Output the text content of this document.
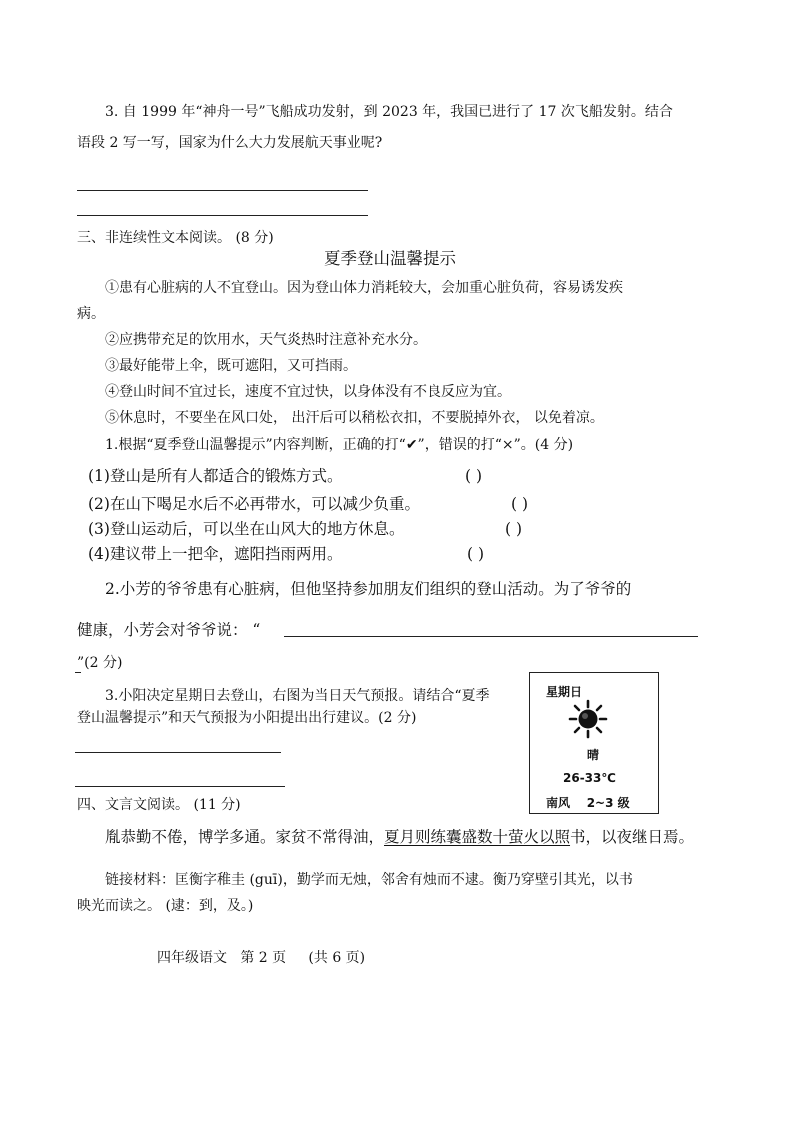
3. 自 1999 年“神舟一号”飞船成功发射，到 2023 年，我国已进行了 17 次飞船发射。结合
语段 2 写一写，国家为什么大力发展航天事业呢?
三、非连续性文本阅读。 (8 分)
夏季登山温馨提示
①患有心脏病的人不宜登山。因为登山体力消耗较大，会加重心脏负荷，容易诱发疾
病。
②应携带充足的饮用水，天气炎热时注意补充水分。
③最好能带上伞，既可遮阳，又可挡雨。
④登山时间不宜过长，速度不宜过快，以身体没有不良反应为宜。
⑤休息时，不要坐在风口处， 出汗后可以稍松衣扣，不要脱掉外衣， 以免着凉。
1.根据“夏季登山温馨提示”内容判断，正确的打“✔”，错误的打“×”。(4 分)
(1)登山是所有人都适合的锻炼方式。	( )
(2)在山下喝足水后不必再带水，可以减少负重。	( )
(3)登山运动后，可以坐在山风大的地方休息。	( )
(4)建议带上一把伞，遮阳挡雨两用。	( )
2.小芳的爷爷患有心脏病，但他坚持参加朋友们组织的登山活动。为了爷爷的
健康，小芳会对爷爷说： “
”(2 分)
3.小阳决定星期日去登山，右图为当日天气预报。请结合“夏季
登山温馨提示”和天气预报为小阳提出出行建议。(2 分)
星期日
晴
26-33℃
南风    2~3 级
四、文言文阅读。 (11 分)
胤恭勤不倦，博学多通。家贫不常得油，夏月则练囊盛数十萤火以照书，以夜继日焉。
链接材料：匡衡字稚圭 (guī)，勤学而无烛，邻舍有烛而不逮。衡乃穿壁引其光，以书
映光而读之。 (逮：到，及。)
四年级语文   第 2 页     (共 6 页)
